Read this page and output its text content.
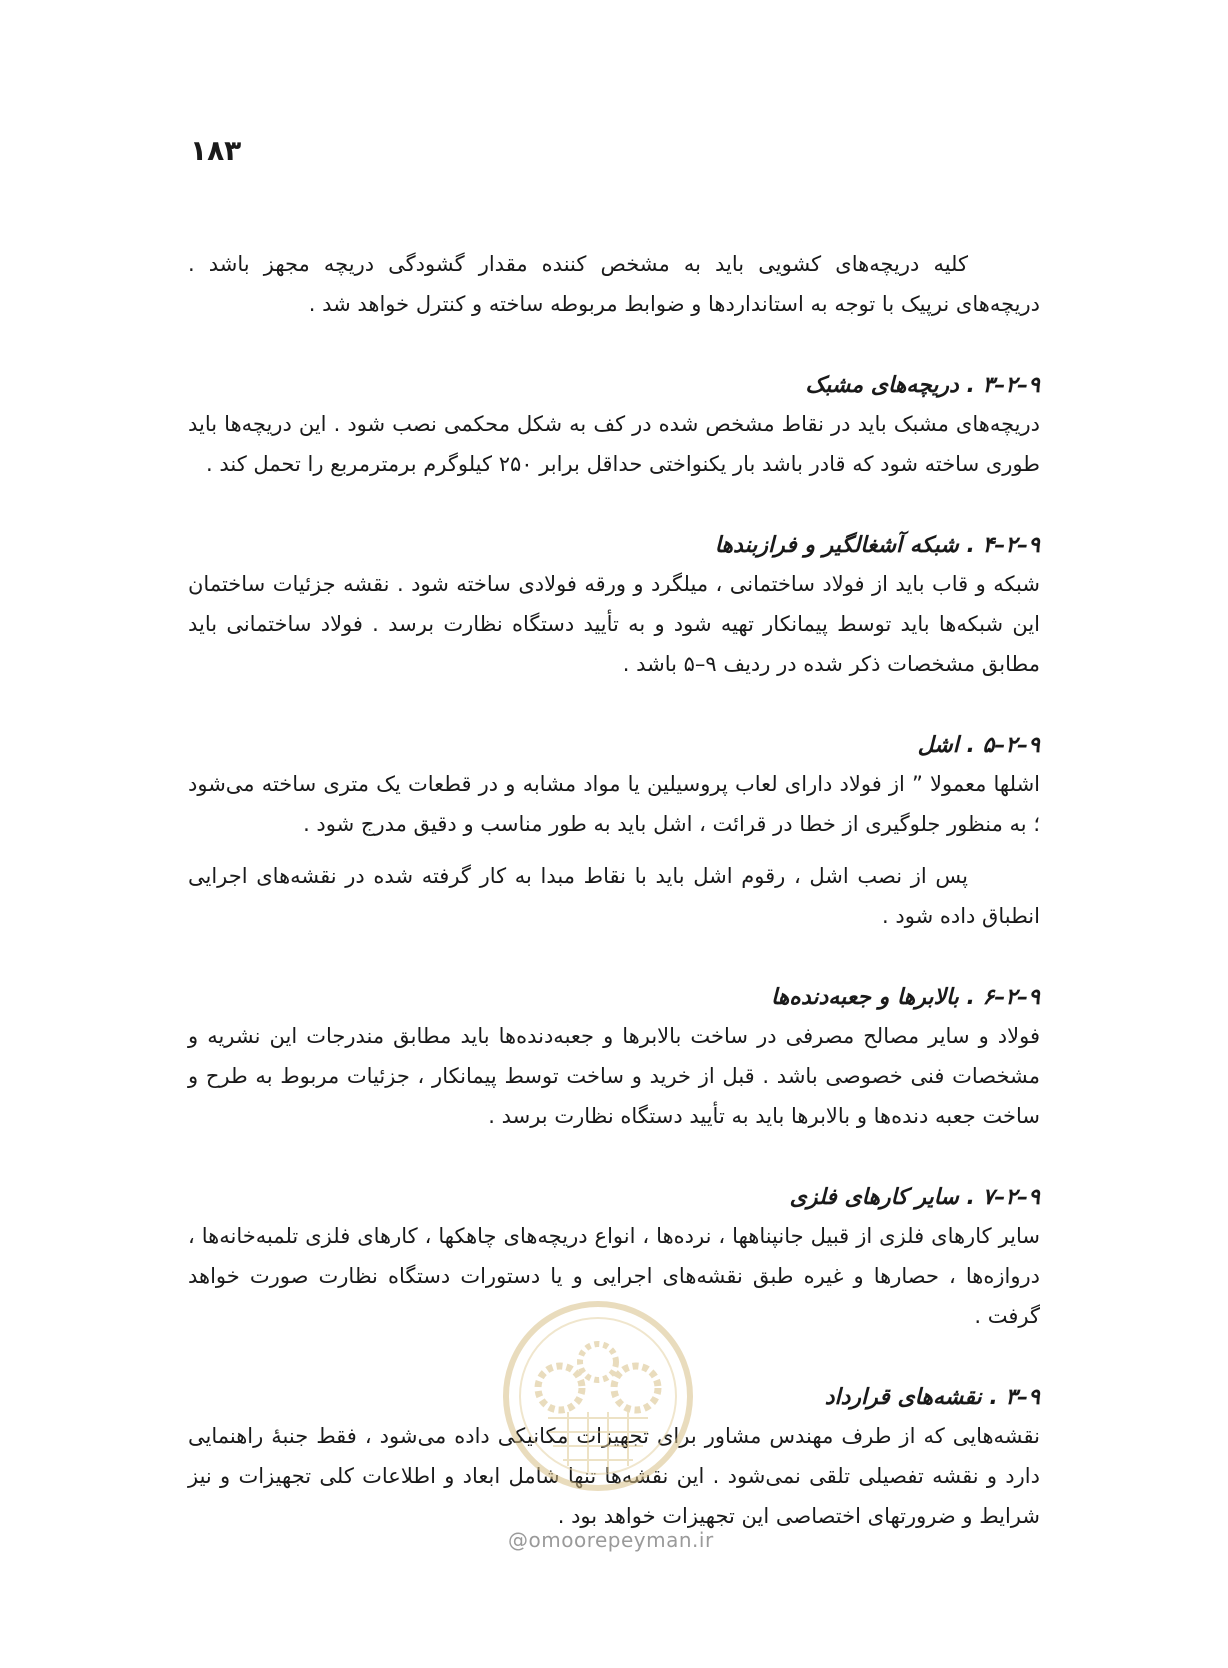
۱۸۳

کلیه دریچه‌های کشویی باید به مشخص کننده مقدار گشودگی دریچه مجهز باشد . دریچه‌های نرپیک با توجه به استانداردها و ضوابط مربوطه ساخته و کنترل خواهد شد .

۹–۲–۳ . دریچه‌های مشبک

دریچه‌های مشبک باید در نقاط مشخص شده در کف به شکل محکمی نصب شود . این دریچه‌ها باید طوری ساخته شود که قادر باشد بار یکنواختی حداقل برابر ۲۵۰ کیلوگرم برمترمربع را تحمل کند .

۹–۲–۴ . شبکه آشغالگیر و فرازبندها

شبکه و قاب باید از فولاد ساختمانی ، میلگرد و ورقه فولادی ساخته شود . نقشه جزئیات ساختمان این شبکه‌ها باید توسط پیمانکار تهیه شود و به تأیید دستگاه نظارت برسد . فولاد ساختمانی باید مطابق مشخصات ذکر شده در ردیف ۹–۵ باشد .

۹–۲–۵ . اشل

اشلها معمولا ” از فولاد دارای لعاب پروسیلین یا مواد مشابه و در قطعات یک متری ساخته می‌شود ؛ به منظور جلوگیری از خطا در قرائت ، اشل باید به طور مناسب و دقیق مدرج شود .

پس از نصب اشل ، رقوم اشل باید با نقاط مبدا به کار گرفته شده در نقشه‌های اجرایی انطباق داده شود .

۹–۲–۶ . بالابرها و جعبه‌دنده‌ها

فولاد و سایر مصالح مصرفی در ساخت بالابرها و جعبه‌دنده‌ها باید مطابق مندرجات این نشریه و مشخصات فنی خصوصی باشد . قبل از خرید و ساخت توسط پیمانکار ، جزئیات مربوط به طرح و ساخت جعبه دنده‌ها و بالابرها باید به تأیید دستگاه نظارت برسد .

۹–۲–۷ . سایر کارهای فلزی

سایر کارهای فلزی از قبیل جانپناهها ، نرده‌ها ، انواع دریچه‌های چاهکها ، کارهای فلزی تلمبه‌خانه‌ها ، دروازه‌ها ، حصارها و غیره طبق نقشه‌های اجرایی و یا دستورات دستگاه نظارت صورت خواهد گرفت .

۹–۳ . نقشه‌های قرارداد

نقشه‌هایی که از طرف مهندس مشاور برای تجهیزات مکانیکی داده می‌شود ، فقط جنبهٔ راهنمایی دارد و نقشه تفصیلی تلقی نمی‌شود . این نقشه‌ها تنها شامل ابعاد و اطلاعات کلی تجهیزات و نیز شرایط و ضرورتهای اختصاصی این تجهیزات خواهد بود .

@omoorepeyman.ir
